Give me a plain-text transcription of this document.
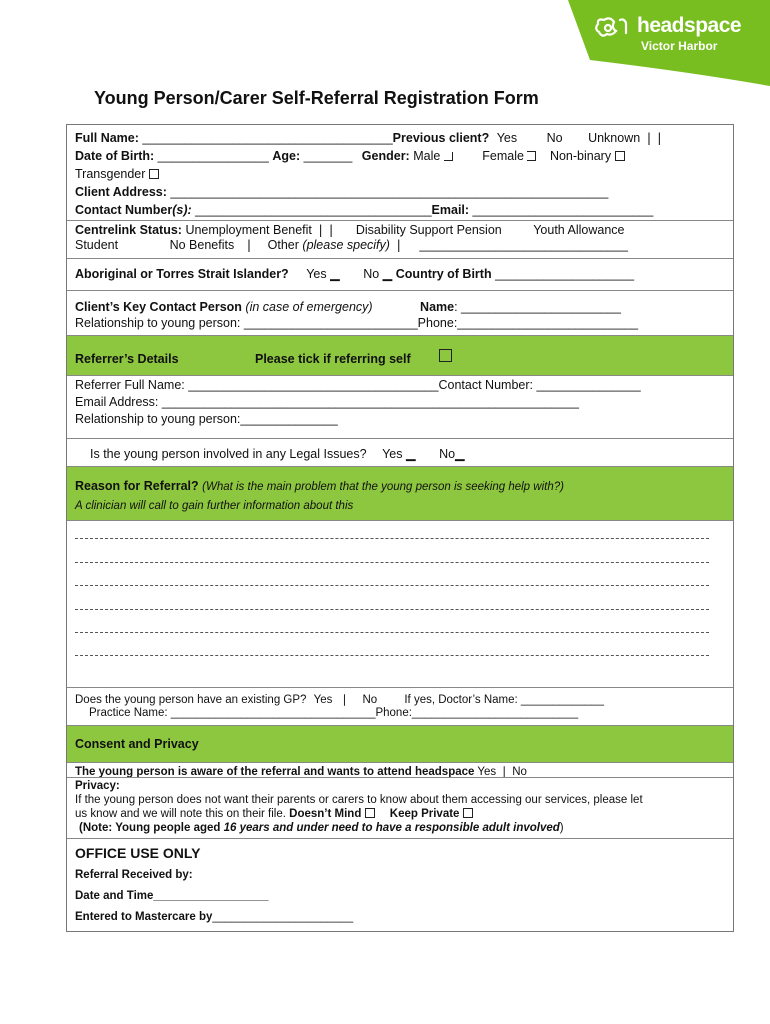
headspace
Victor Harbor
Young Person/Carer Self-Referral Registration Form
Full Name: ____________________________________Previous client? Yes No Unknown ❘❘
Date of Birth: ________________ Age: _______ Gender: Male	Female Non-binary
Transgender
Client Address: _______________________________________________________________
Contact Number(s): __________________________________Email: __________________________
Centrelink Status: Unemployment Benefit ❘❘ Disability Support Pension	Youth Allowance
Student	No Benefits ❘ Other (please specify) ❘ ______________________________
Aboriginal or Torres Strait Islander? Yes ▁ No ▁ Country of Birth ____________________
Client’s Key Contact Person (in case of emergency)	Name: _______________________
Relationship to young person: _________________________Phone:__________________________
Referrer’s Details	Please tick if referring self
Referrer Full Name: ____________________________________Contact Number: _______________
Email Address: ____________________________________________________________
Relationship to young person:______________
Is the young person involved in any Legal Issues? Yes ▁ No▁
Reason for Referral? (What is the main problem that the young person is seeking help with?)
A clinician will call to gain further information about this
Does the young person have an existing GP? Yes ❘ No If yes, Doctor’s Name: _____________
Practice Name: ________________________________Phone:__________________________
Consent and Privacy
The young person is aware of the referral and wants to attend headspace Yes ❘ No
Privacy:
If the young person does not want their parents or carers to know about them accessing our services, please let
us know and we will note this on their file. Doesn’t Mind Keep Private
(Note: Young people aged 16 years and under need to have a responsible adult involved)
OFFICE USE ONLY
Referral Received by:
Date and Time__________________
Entered to Mastercare by______________________
